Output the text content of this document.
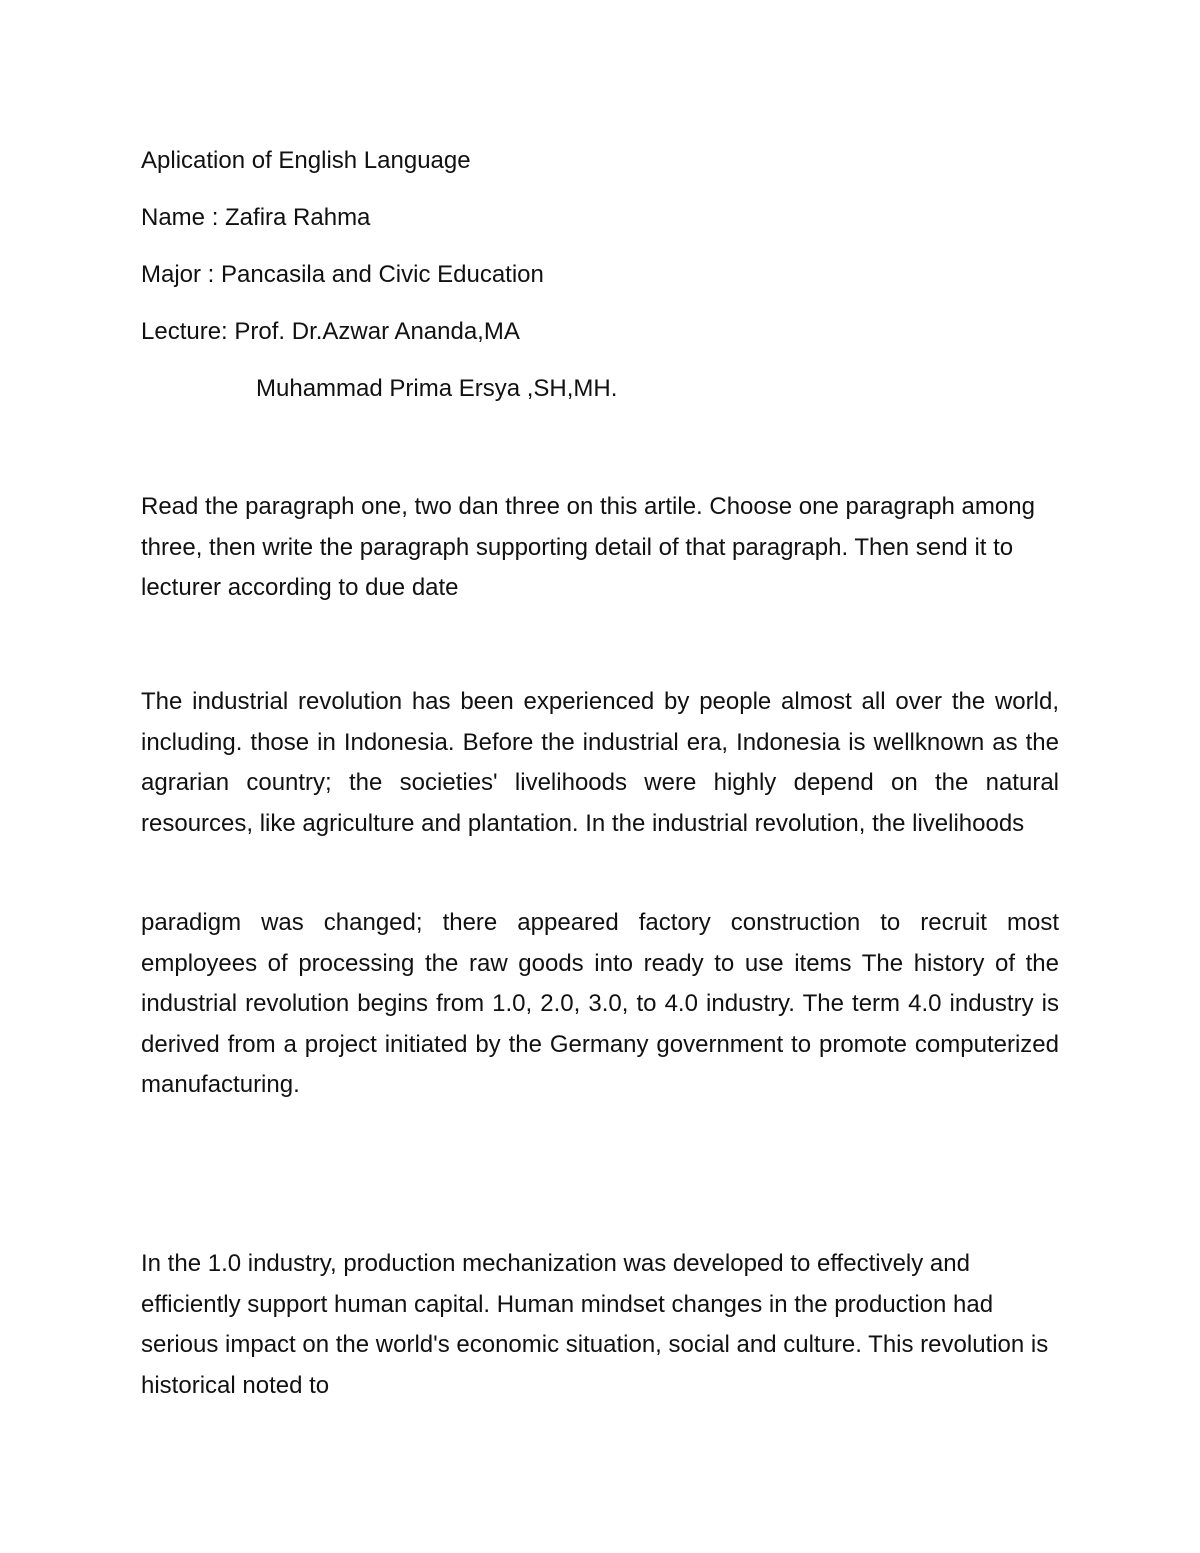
Aplication of English Language
Name : Zafira Rahma
Major : Pancasila and Civic Education
Lecture: Prof. Dr.Azwar Ananda,MA
Muhammad Prima Ersya ,SH,MH.
Read the paragraph one, two dan three on this artile. Choose one paragraph among three, then write the paragraph supporting detail of that paragraph. Then send it to lecturer according to due date
The industrial revolution has been experienced by people almost all over the world, including. those in Indonesia. Before the industrial era, Indonesia is wellknown as the agrarian country; the societies' livelihoods were highly depend on the natural resources, like agriculture and plantation. In the industrial revolution, the livelihoods
paradigm was changed; there appeared factory construction to recruit most employees of processing the raw goods into ready to use items The history of the industrial revolution begins from 1.0, 2.0, 3.0, to 4.0 industry. The term 4.0 industry is derived from a project initiated by the Germany government to promote computerized manufacturing.
In the 1.0 industry, production mechanization was developed to effectively and efficiently support human capital. Human mindset changes in the production had serious impact on the world's economic situation, social and culture. This revolution is historical noted to
